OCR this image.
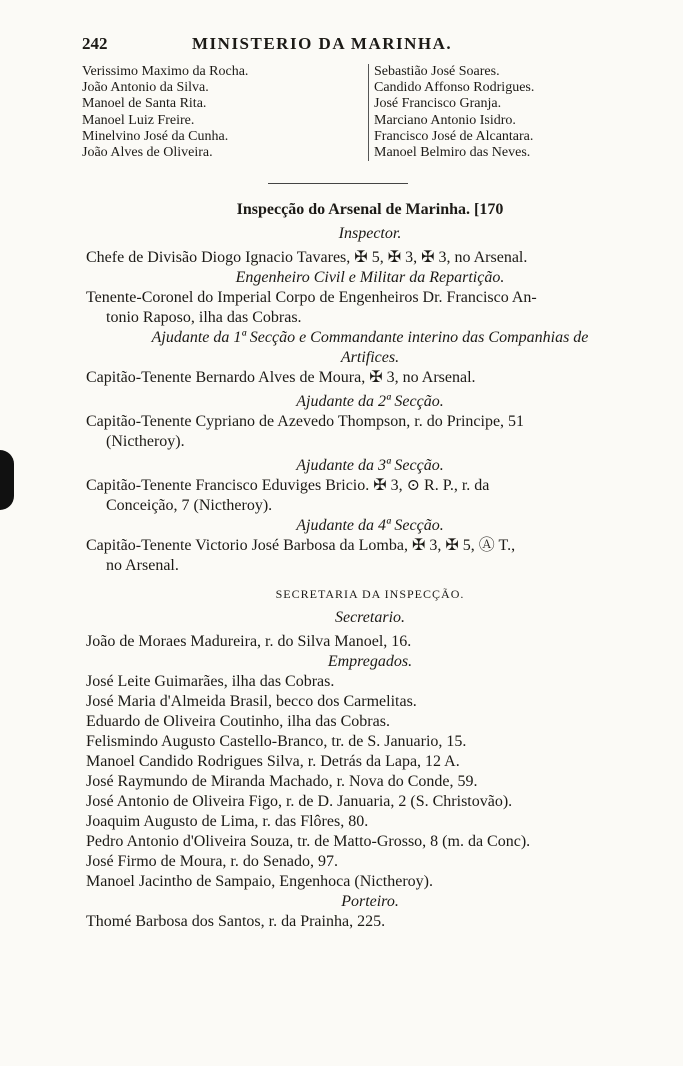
242	MINISTERIO DA MARINHA.
Verissimo Maximo da Rocha.
João Antonio da Silva.
Manoel de Santa Rita.
Manoel Luiz Freire.
Minelvino José da Cunha.
João Alves de Oliveira.
Sebastião José Soares.
Candido Affonso Rodrigues.
José Francisco Granja.
Marciano Antonio Isidro.
Francisco José de Alcantara.
Manoel Belmiro das Neves.
Inspecção do Arsenal de Marinha. [170
Inspector.
Chefe de Divisão Diogo Ignacio Tavares, ✠ 5, ✠ 3, ✠ 3, no Arsenal.
Engenheiro Civil e Militar da Repartição.
Tenente-Coronel do Imperial Corpo de Engenheiros Dr. Francisco An-
tonio Raposo, ilha das Cobras.
Ajudante da 1ª Secção e Commandante interino das Companhias de
Artifices.
Capitão-Tenente Bernardo Alves de Moura, ✠ 3, no Arsenal.
Ajudante da 2ª Secção.
Capitão-Tenente Cypriano de Azevedo Thompson, r. do Principe, 51
(Nictheroy).
Ajudante da 3ª Secção.
Capitão-Tenente Francisco Eduviges Bricio. ✠ 3, ⊙ R. P., r. da
Conceição, 7 (Nictheroy).
Ajudante da 4ª Secção.
Capitão-Tenente Victorio José Barbosa da Lomba, ✠ 3, ✠ 5, Ⓐ T.,
no Arsenal.
SECRETARIA DA INSPECÇÃO.
Secretario.
João de Moraes Madureira, r. do Silva Manoel, 16.
Empregados.
José Leite Guimarães, ilha das Cobras.
José Maria d'Almeida Brasil, becco dos Carmelitas.
Eduardo de Oliveira Coutinho, ilha das Cobras.
Felismindo Augusto Castello-Branco, tr. de S. Januario, 15.
Manoel Candido Rodrigues Silva, r. Detrás da Lapa, 12 A.
José Raymundo de Miranda Machado, r. Nova do Conde, 59.
José Antonio de Oliveira Figo, r. de D. Januaria, 2 (S. Christovão).
Joaquim Augusto de Lima, r. das Flôres, 80.
Pedro Antonio d'Oliveira Souza, tr. de Matto-Grosso, 8 (m. da Conc).
José Firmo de Moura, r. do Senado, 97.
Manoel Jacintho de Sampaio, Engenhoca (Nictheroy).
Porteiro.
Thomé Barbosa dos Santos, r. da Prainha, 225.
